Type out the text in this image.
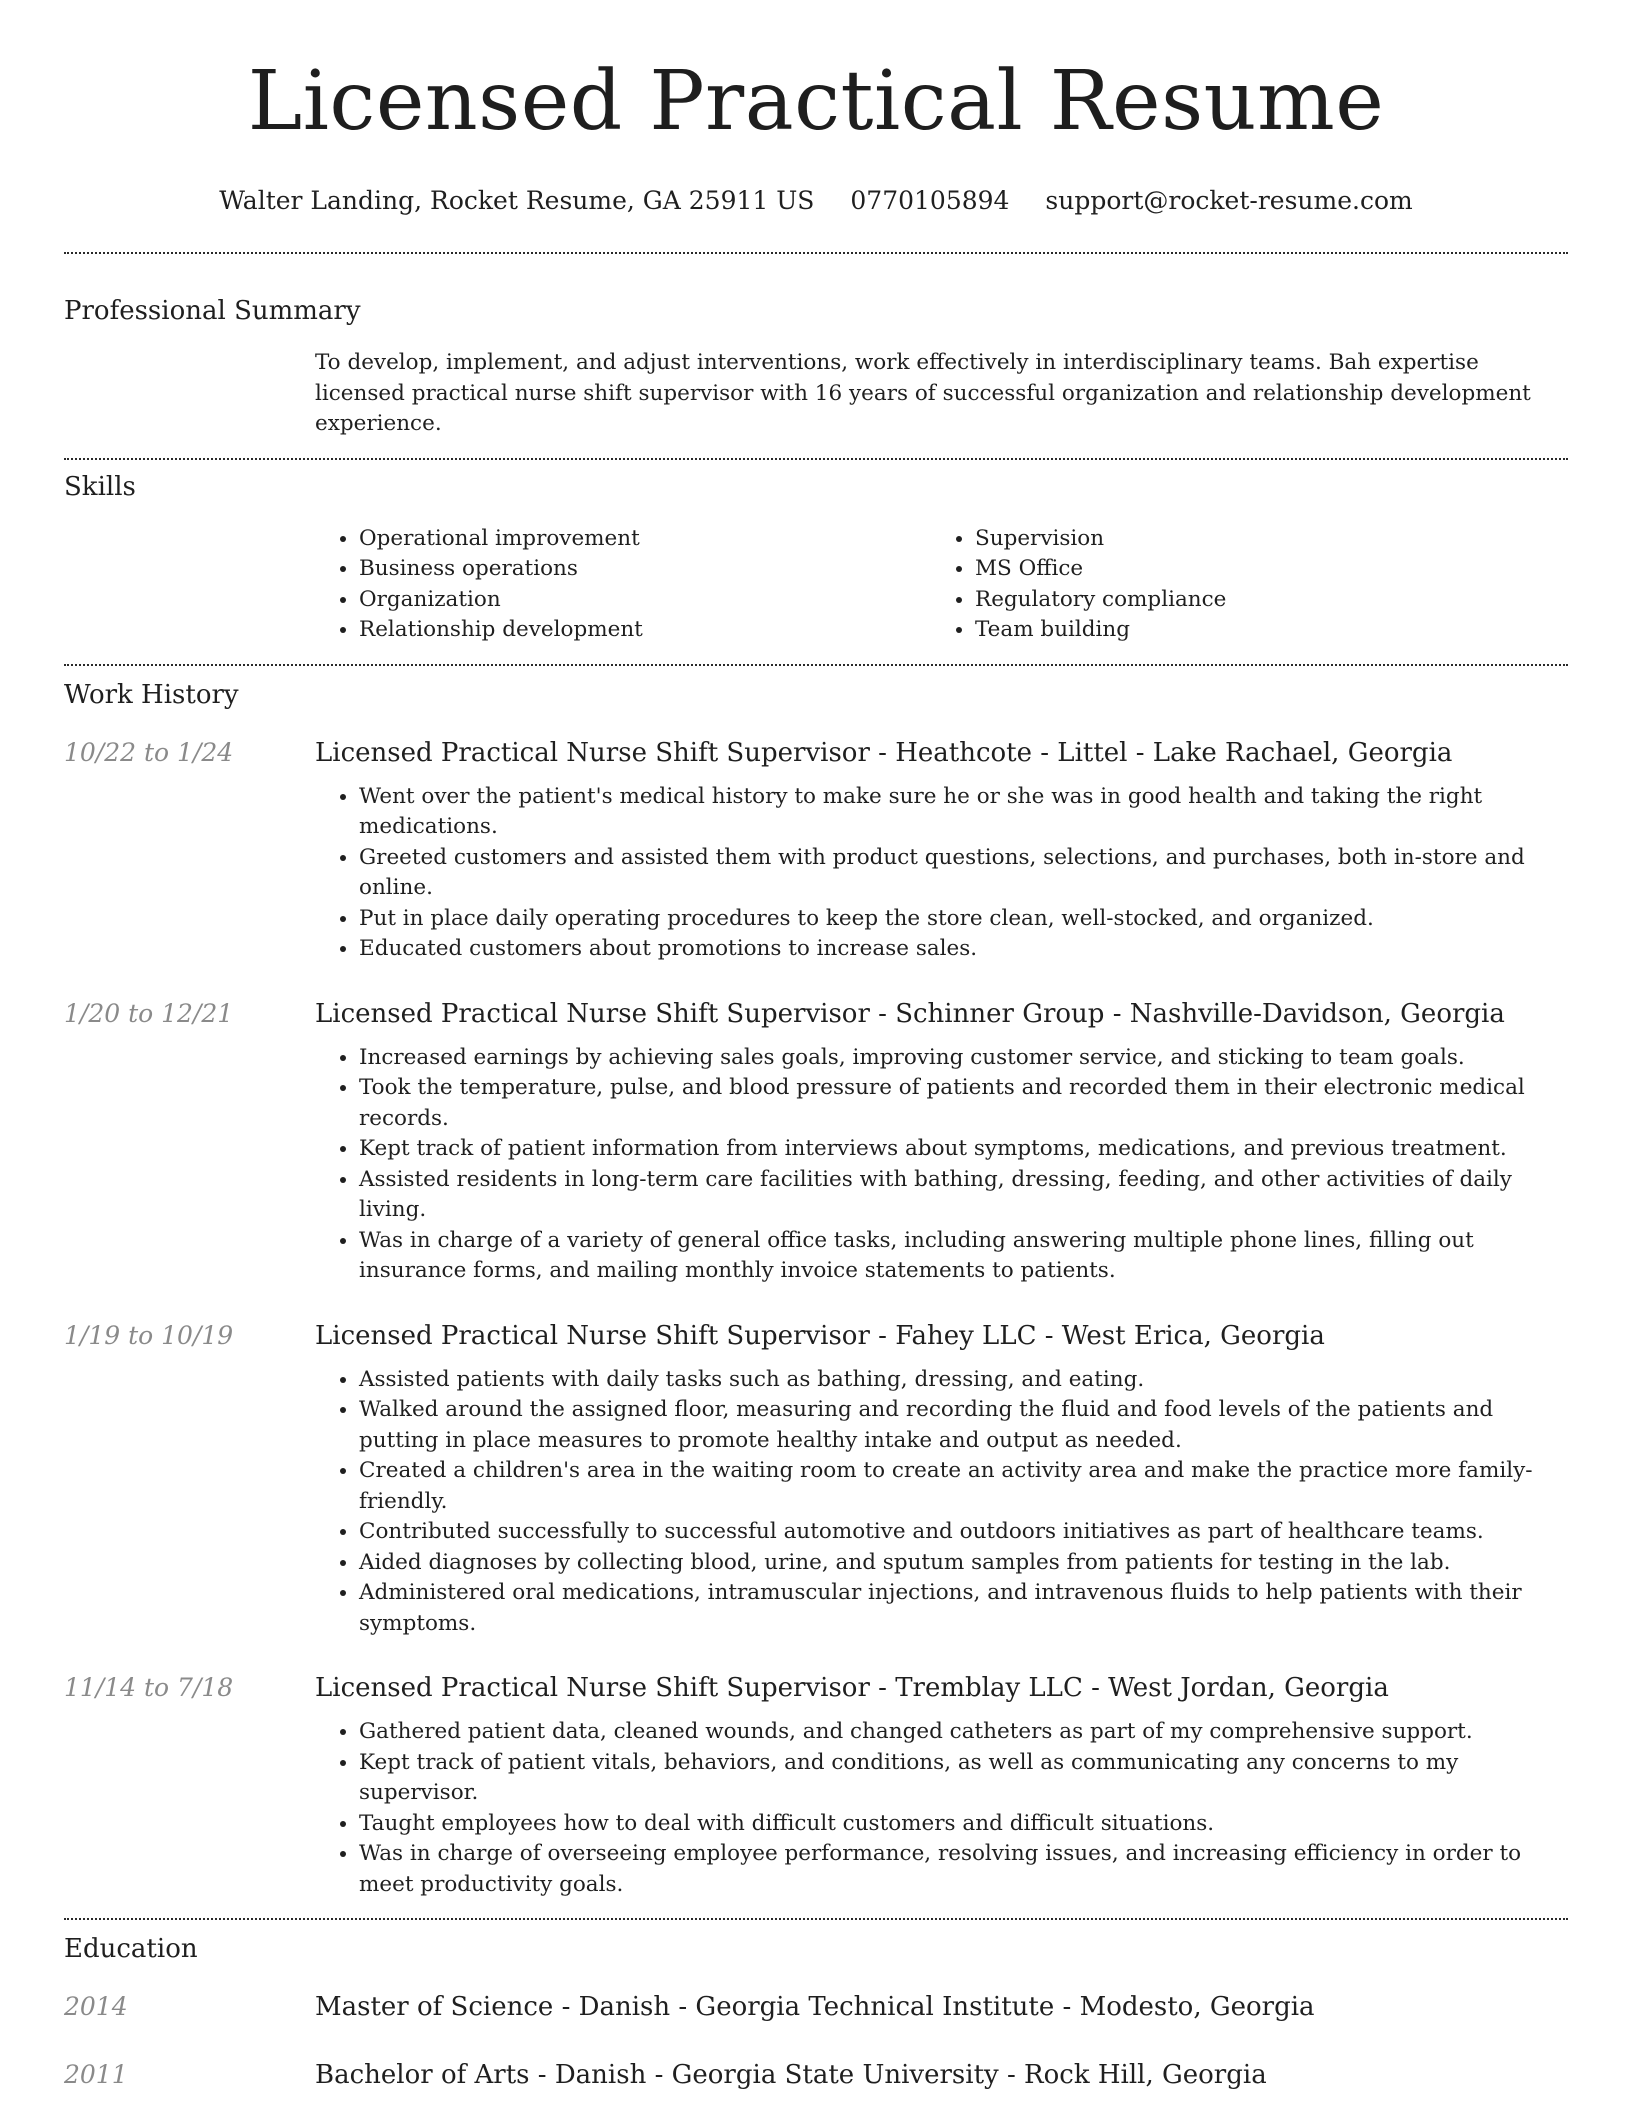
Licensed Practical Resume
Walter Landing, Rocket Resume, GA 25911 US 0770105894 support@rocket-resume.com
Professional Summary
To develop, implement, and adjust interventions, work effectively in interdisciplinary teams. Bah expertise licensed practical nurse shift supervisor with 16 years of successful organization and relationship development experience.
Skills
• Operational improvement
• Business operations
• Organization
• Relationship development
• Supervision
• MS Office
• Regulatory compliance
• Team building
Work History
10/22 to 1/24	Licensed Practical Nurse Shift Supervisor - Heathcote - Littel - Lake Rachael, Georgia
• Went over the patient's medical history to make sure he or she was in good health and taking the right medications.
• Greeted customers and assisted them with product questions, selections, and purchases, both in-store and online.
• Put in place daily operating procedures to keep the store clean, well-stocked, and organized.
• Educated customers about promotions to increase sales.
1/20 to 12/21	Licensed Practical Nurse Shift Supervisor - Schinner Group - Nashville-Davidson, Georgia
• Increased earnings by achieving sales goals, improving customer service, and sticking to team goals.
• Took the temperature, pulse, and blood pressure of patients and recorded them in their electronic medical records.
• Kept track of patient information from interviews about symptoms, medications, and previous treatment.
• Assisted residents in long-term care facilities with bathing, dressing, feeding, and other activities of daily living.
• Was in charge of a variety of general office tasks, including answering multiple phone lines, filling out insurance forms, and mailing monthly invoice statements to patients.
1/19 to 10/19	Licensed Practical Nurse Shift Supervisor - Fahey LLC - West Erica, Georgia
• Assisted patients with daily tasks such as bathing, dressing, and eating.
• Walked around the assigned floor, measuring and recording the fluid and food levels of the patients and putting in place measures to promote healthy intake and output as needed.
• Created a children's area in the waiting room to create an activity area and make the practice more family-friendly.
• Contributed successfully to successful automotive and outdoors initiatives as part of healthcare teams.
• Aided diagnoses by collecting blood, urine, and sputum samples from patients for testing in the lab.
• Administered oral medications, intramuscular injections, and intravenous fluids to help patients with their symptoms.
11/14 to 7/18	Licensed Practical Nurse Shift Supervisor - Tremblay LLC - West Jordan, Georgia
• Gathered patient data, cleaned wounds, and changed catheters as part of my comprehensive support.
• Kept track of patient vitals, behaviors, and conditions, as well as communicating any concerns to my supervisor.
• Taught employees how to deal with difficult customers and difficult situations.
• Was in charge of overseeing employee performance, resolving issues, and increasing efficiency in order to meet productivity goals.
Education
2014	Master of Science - Danish - Georgia Technical Institute - Modesto, Georgia
2011	Bachelor of Arts - Danish - Georgia State University - Rock Hill, Georgia
